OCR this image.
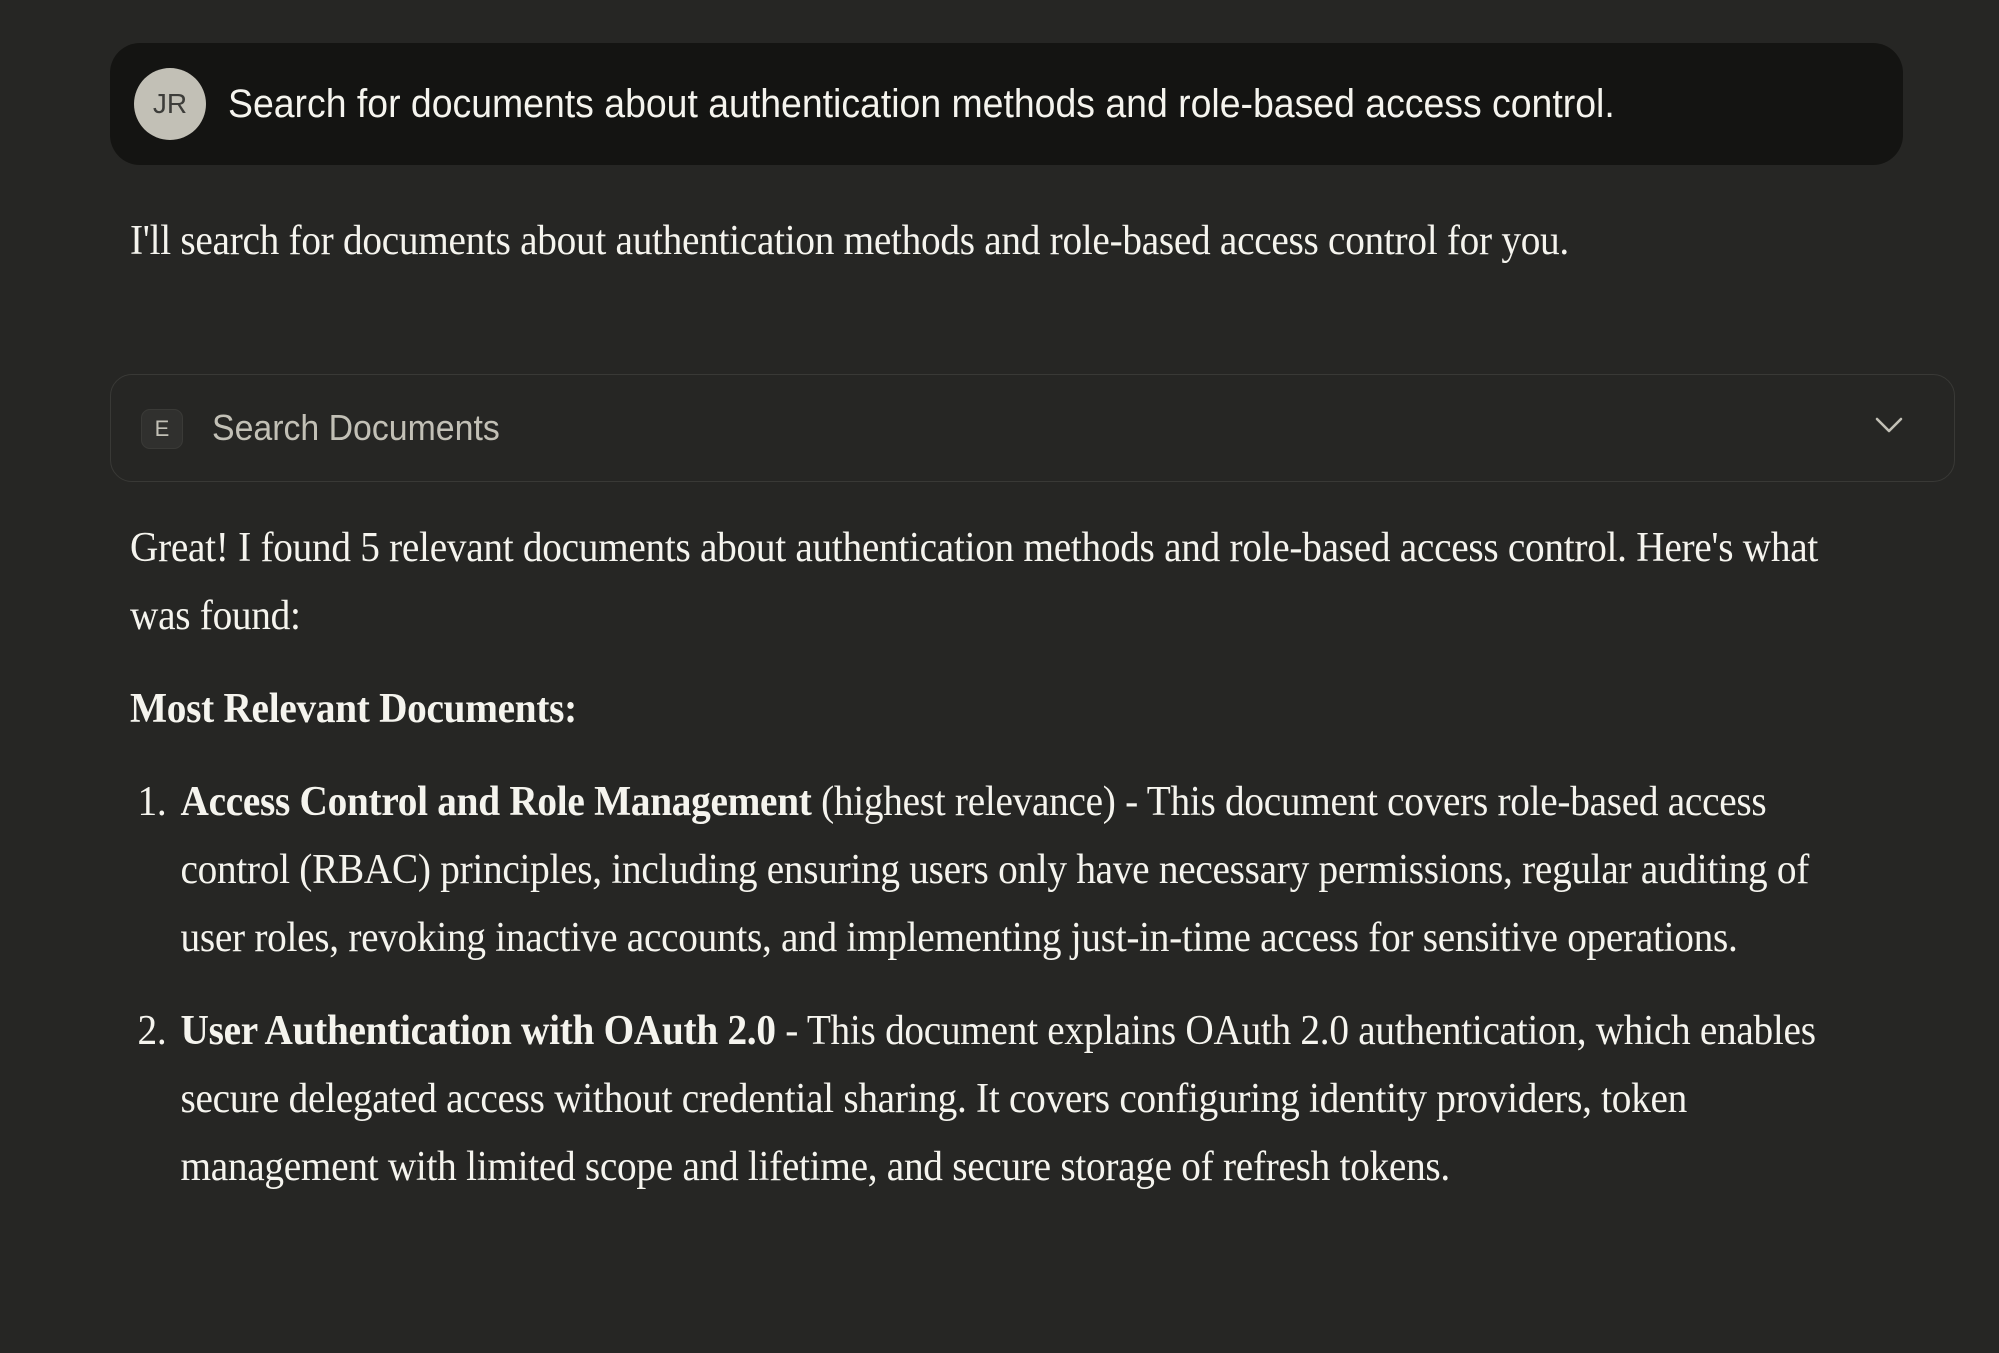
JR Search for documents about authentication methods and role-based access control.

I'll search for documents about authentication methods and role-based access control for you.

E Search Documents

Great! I found 5 relevant documents about authentication methods and role-based access control. Here's what was found:

Most Relevant Documents:
1. Access Control and Role Management (highest relevance) - This document covers role-based access control (RBAC) principles, including ensuring users only have necessary permissions, regular auditing of user roles, revoking inactive accounts, and implementing just-in-time access for sensitive operations.
2. User Authentication with OAuth 2.0 - This document explains OAuth 2.0 authentication, which enables secure delegated access without credential sharing. It covers configuring identity providers, token management with limited scope and lifetime, and secure storage of refresh tokens.
